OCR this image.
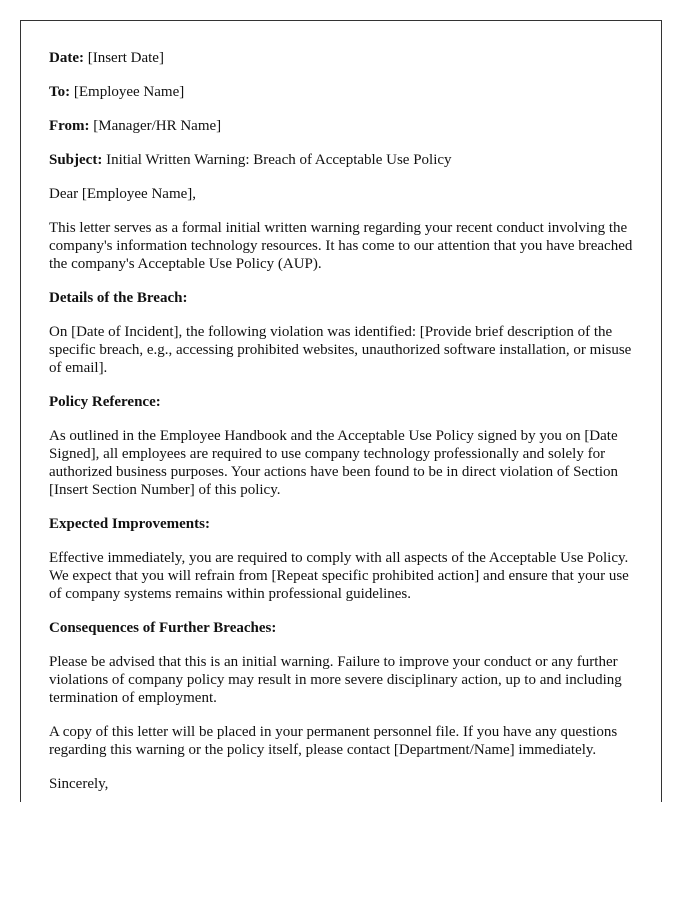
Date: [Insert Date]

To: [Employee Name]

From: [Manager/HR Name]

Subject: Initial Written Warning: Breach of Acceptable Use Policy

Dear [Employee Name],

This letter serves as a formal initial written warning regarding your recent conduct involving the company's information technology resources. It has come to our attention that you have breached the company's Acceptable Use Policy (AUP).

Details of the Breach:

On [Date of Incident], the following violation was identified: [Provide brief description of the specific breach, e.g., accessing prohibited websites, unauthorized software installation, or misuse of email].

Policy Reference:

As outlined in the Employee Handbook and the Acceptable Use Policy signed by you on [Date Signed], all employees are required to use company technology professionally and solely for authorized business purposes. Your actions have been found to be in direct violation of Section [Insert Section Number] of this policy.

Expected Improvements:

Effective immediately, you are required to comply with all aspects of the Acceptable Use Policy. We expect that you will refrain from [Repeat specific prohibited action] and ensure that your use of company systems remains within professional guidelines.

Consequences of Further Breaches:

Please be advised that this is an initial warning. Failure to improve your conduct or any further violations of company policy may result in more severe disciplinary action, up to and including termination of employment.

A copy of this letter will be placed in your permanent personnel file. If you have any questions regarding this warning or the policy itself, please contact [Department/Name] immediately.

Sincerely,
